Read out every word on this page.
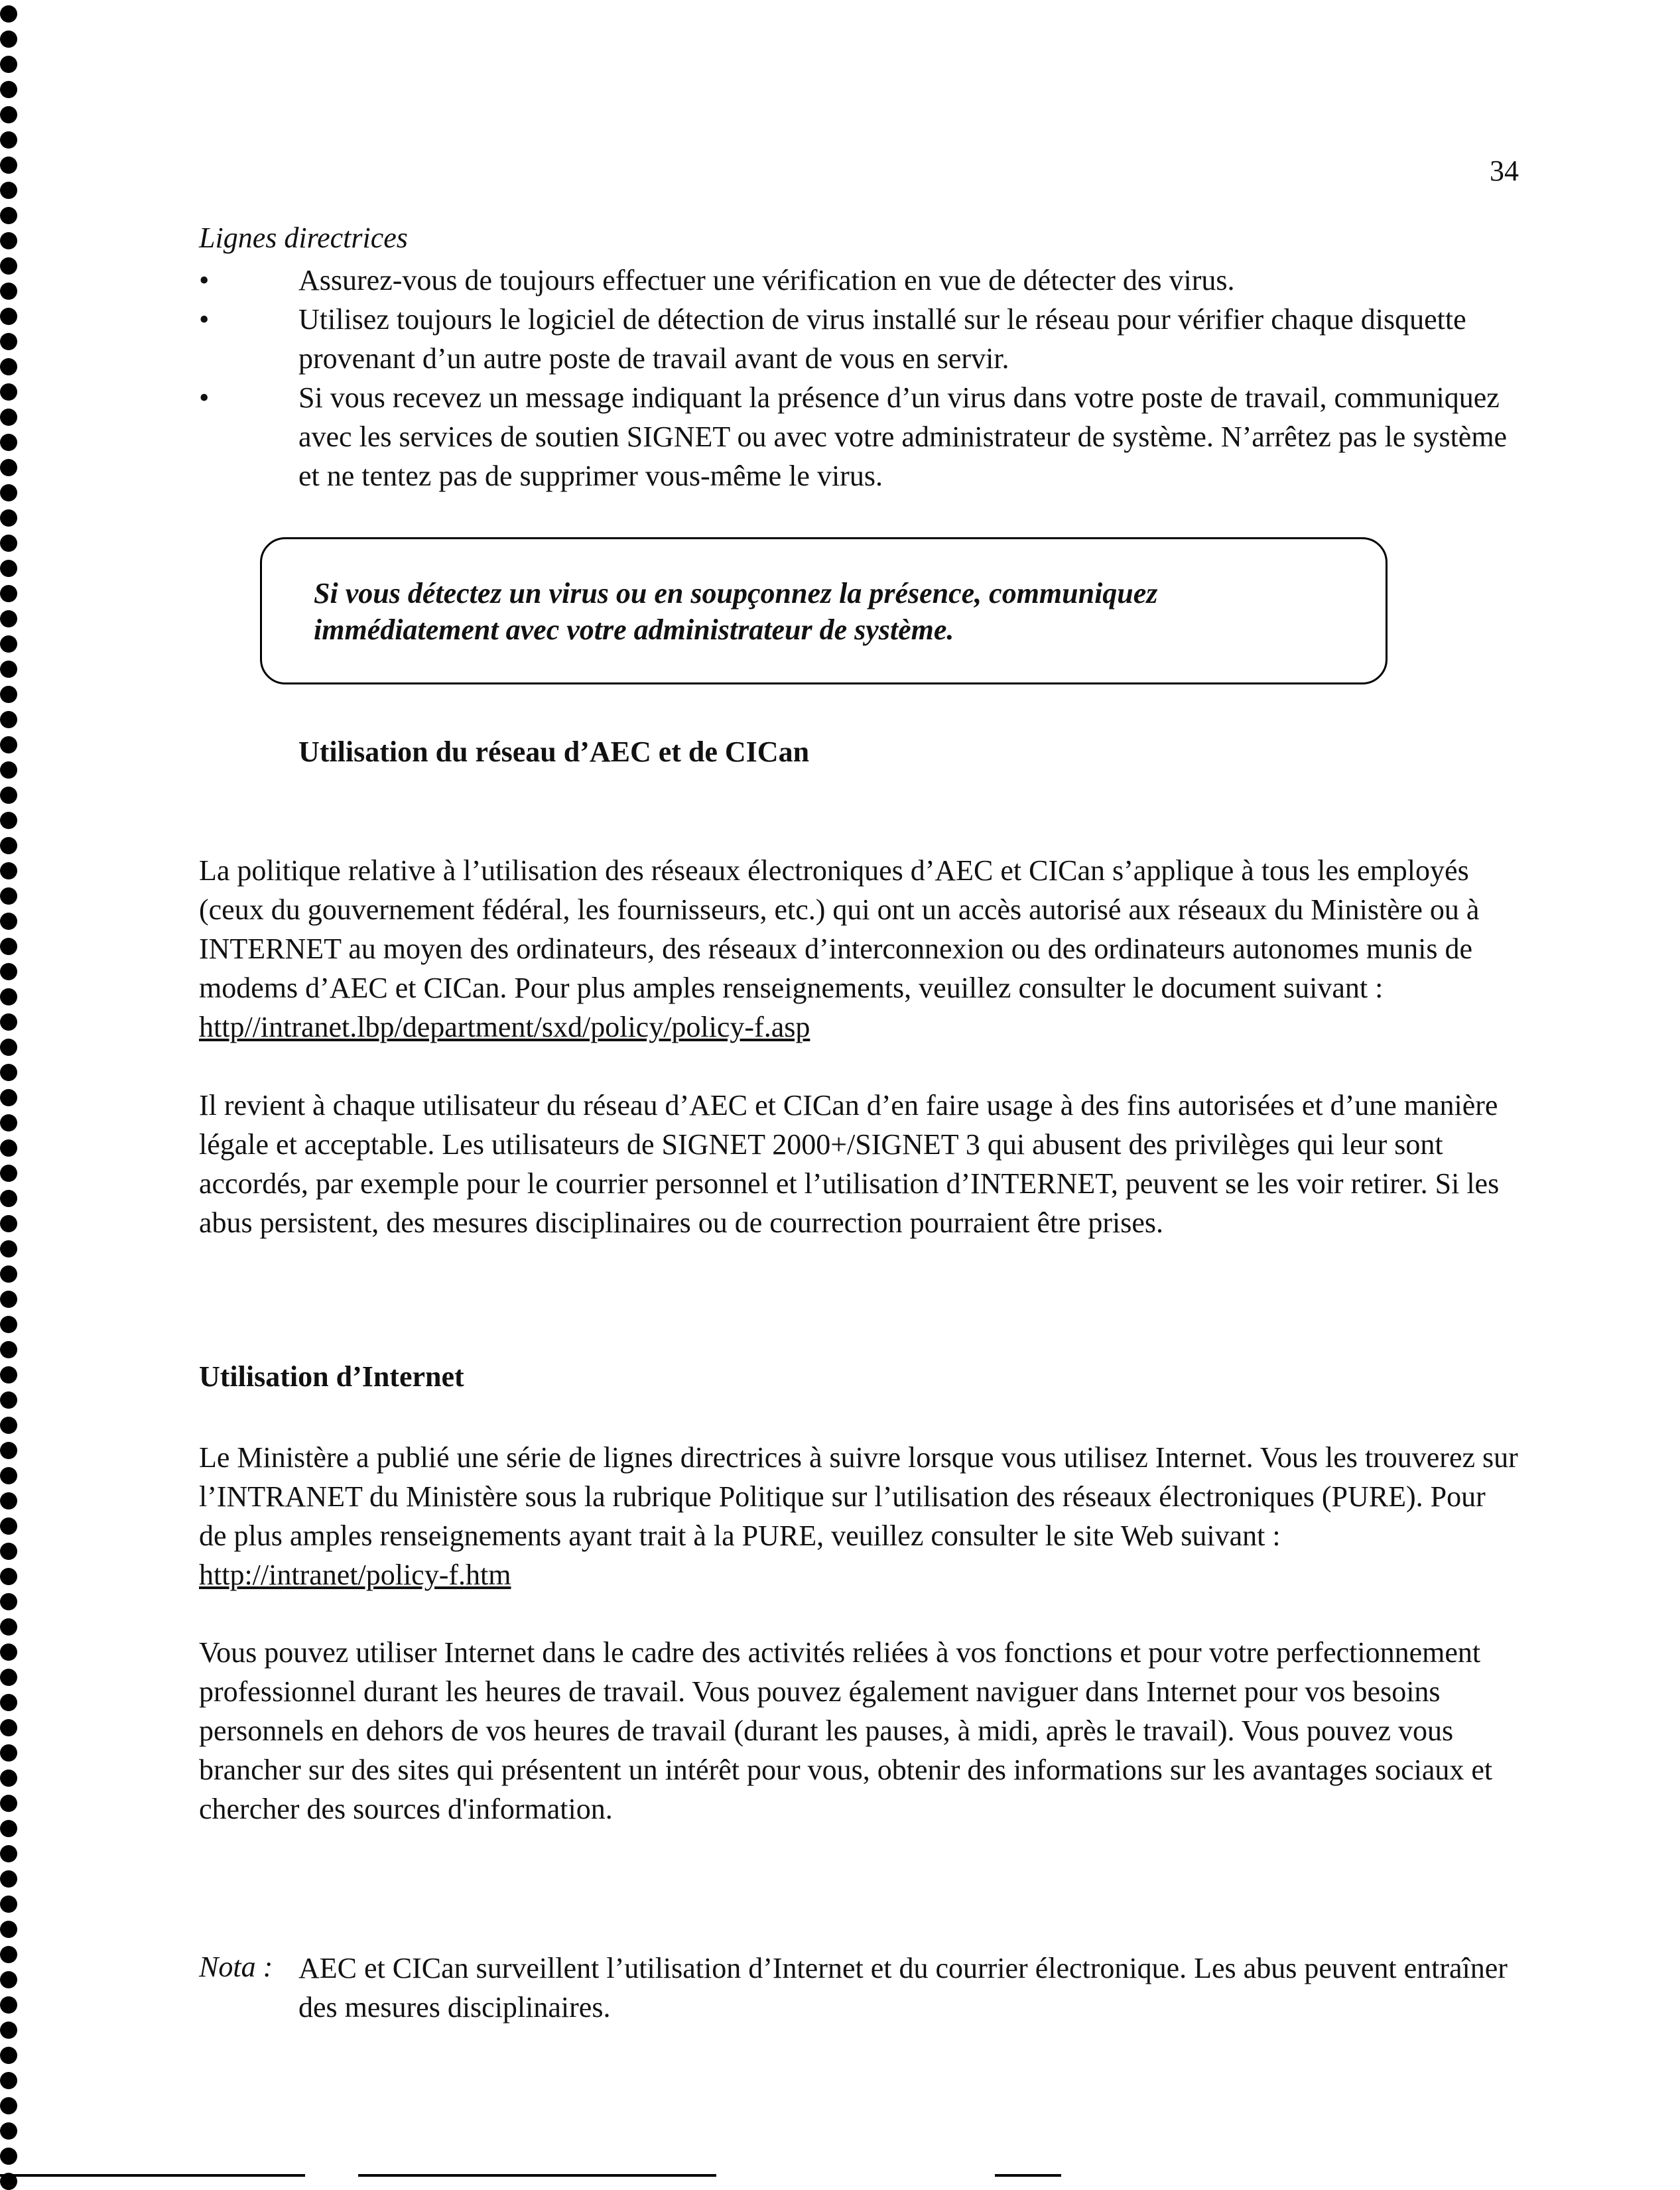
34
Lignes directrices
• Assurez-vous de toujours effectuer une vérification en vue de détecter des virus.
• Utilisez toujours le logiciel de détection de virus installé sur le réseau pour vérifier chaque disquette provenant d’un autre poste de travail avant de vous en servir.
• Si vous recevez un message indiquant la présence d’un virus dans votre poste de travail, communiquez avec les services de soutien SIGNET ou avec votre administrateur de système. N’arrêtez pas le système et ne tentez pas de supprimer vous-même le virus.
Si vous détectez un virus ou en soupçonnez la présence, communiquez
immédiatement avec votre administrateur de système.
Utilisation du réseau d’AEC et de CICan
La politique relative à l’utilisation des réseaux électroniques d’AEC et CICan s’applique à tous les employés (ceux du gouvernement fédéral, les fournisseurs, etc.) qui ont un accès autorisé aux réseaux du Ministère ou à INTERNET au moyen des ordinateurs, des réseaux d’interconnexion ou des ordinateurs autonomes munis de modems d’AEC et CICan. Pour plus amples renseignements, veuillez consulter le document suivant : http//intranet.lbp/department/sxd/policy/policy-f.asp
Il revient à chaque utilisateur du réseau d’AEC et CICan d’en faire usage à des fins autorisées et d’une manière légale et acceptable. Les utilisateurs de SIGNET 2000+/SIGNET 3 qui abusent des privilèges qui leur sont accordés, par exemple pour le courrier personnel et l’utilisation d’INTERNET, peuvent se les voir retirer. Si les abus persistent, des mesures disciplinaires ou de courrection pourraient être prises.
Utilisation d’Internet
Le Ministère a publié une série de lignes directrices à suivre lorsque vous utilisez Internet. Vous les trouverez sur l’INTRANET du Ministère sous la rubrique Politique sur l’utilisation des réseaux électroniques (PURE). Pour de plus amples renseignements ayant trait à la PURE, veuillez consulter le site Web suivant : http://intranet/policy-f.htm
Vous pouvez utiliser Internet dans le cadre des activités reliées à vos fonctions et pour votre perfectionnement professionnel durant les heures de travail. Vous pouvez également naviguer dans Internet pour vos besoins personnels en dehors de vos heures de travail (durant les pauses, à midi, après le travail). Vous pouvez vous brancher sur des sites qui présentent un intérêt pour vous, obtenir des informations sur les avantages sociaux et chercher des sources d'information.
Nota : AEC et CICan surveillent l’utilisation d’Internet et du courrier électronique. Les abus peuvent entraîner des mesures disciplinaires.
